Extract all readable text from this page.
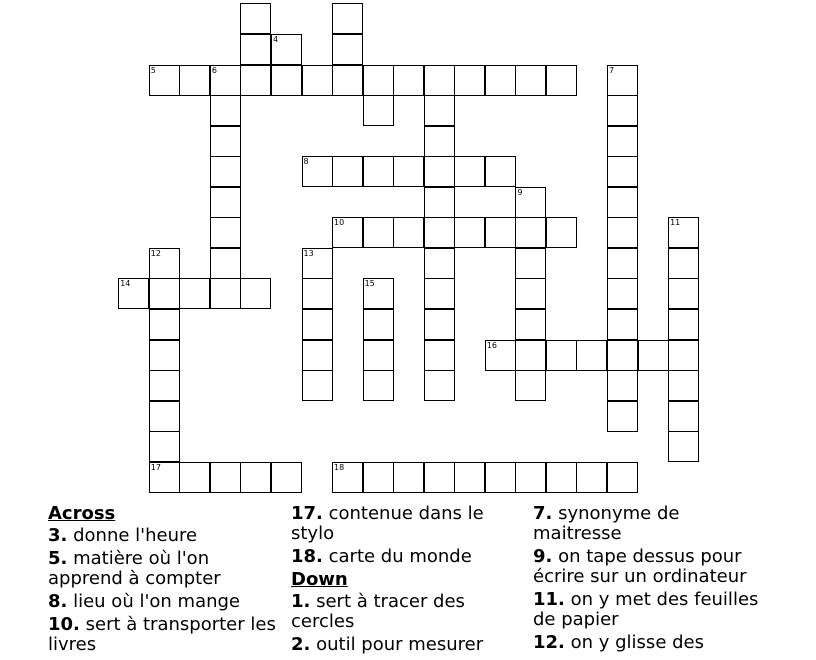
4
5	6	7
8
9
10	11
12	13
14	15
16
17	18
Across
3. donne l'heure
5. matière où l'on apprend à compter
8. lieu où l'on mange
10. sert à transporter les livres
17. contenue dans le stylo
18. carte du monde
Down
1. sert à tracer des cercles
2. outil pour mesurer
7. synonyme de maitresse
9. on tape dessus pour écrire sur un ordinateur
11. on y met des feuilles de papier
12. on y glisse des
